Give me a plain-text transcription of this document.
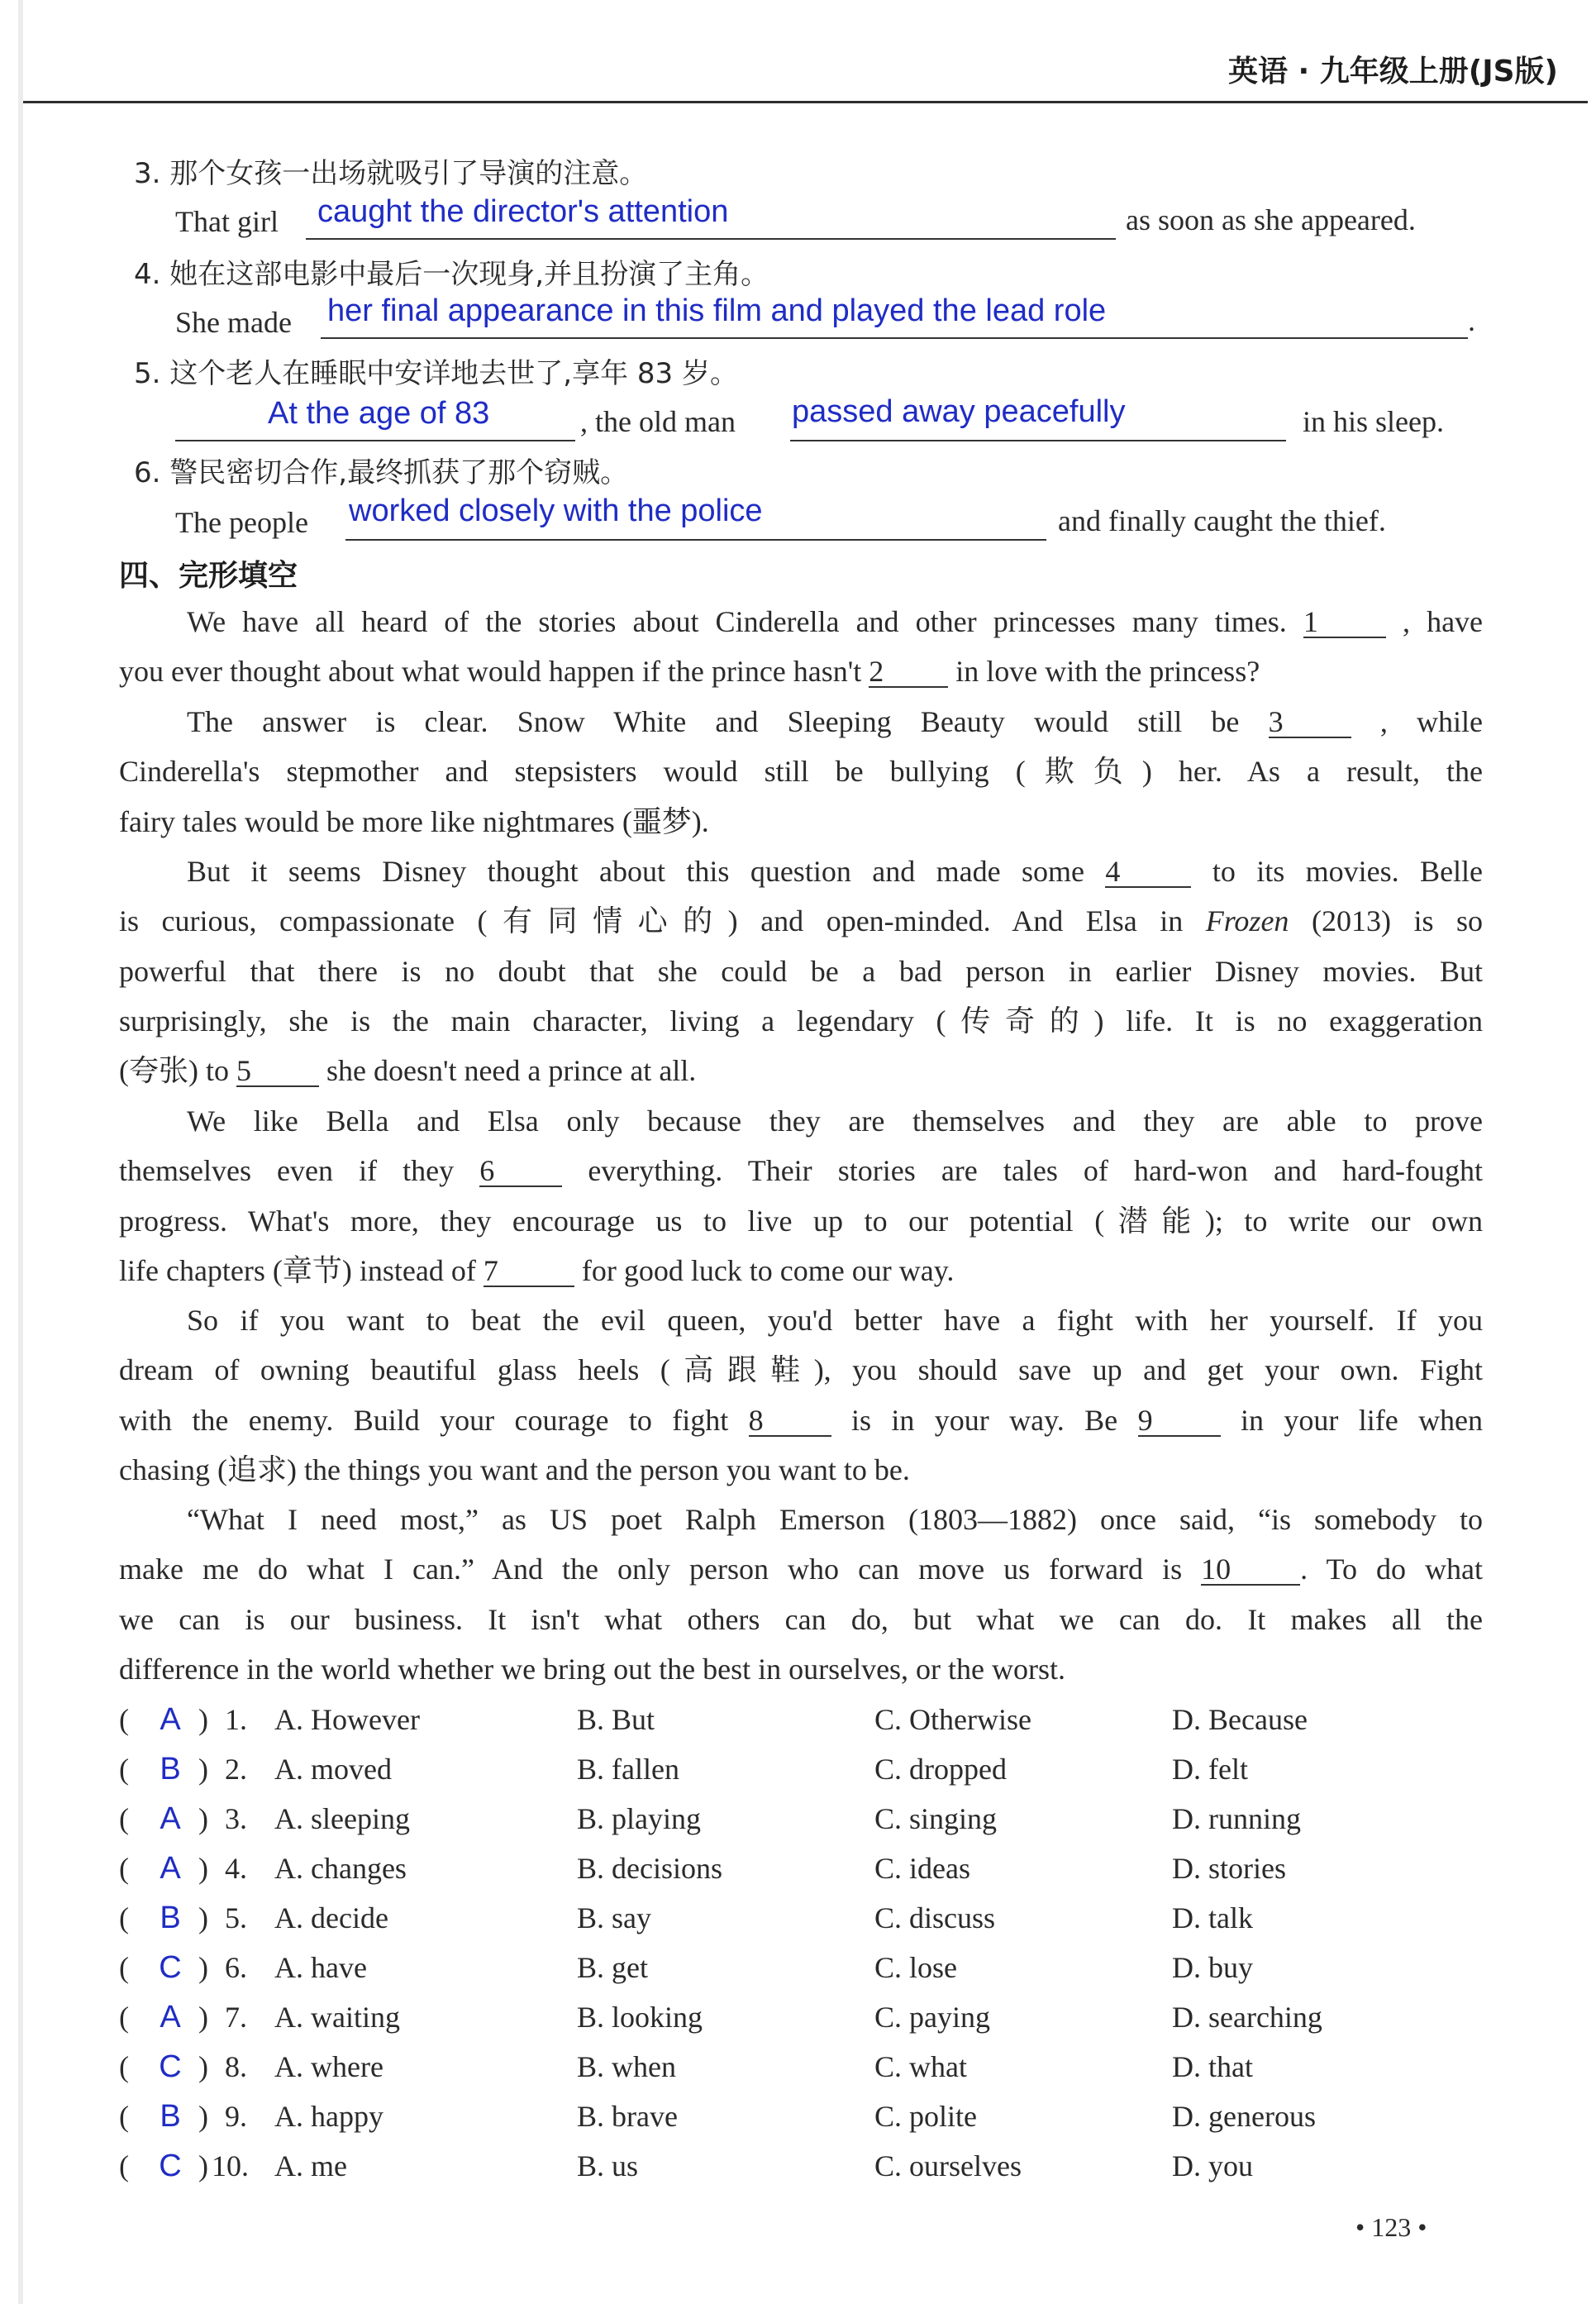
英语 · 九年级上册(JS版)
3. 那个女孩一出场就吸引了导演的注意。
That girl caught the director's attention	as soon as she appeared.
4. 她在这部电影中最后一次现身,并且扮演了主角。
She made her final appearance in this film and played the lead role	.
5. 这个老人在睡眠中安详地去世了,享年 83 岁。
At the age of 83	, the old man passed away peacefully	in his sleep.
6. 警民密切合作,最终抓获了那个窃贼。
The people worked closely with the police	and finally caught the thief.
四、完形填空
We have all heard of the stories about Cinderella and other princesses many times. 1	, have
you ever thought about what would happen if the prince hasn't 2 in love with the princess?
The answer is clear. Snow White and Sleeping Beauty would still be 3	, while
Cinderella's stepmother and stepsisters would still be bullying (欺负) her. As a result, the
fairy tales would be more like nightmares (噩梦).
But it seems Disney thought about this question and made some 4	to its movies. Belle
is curious, compassionate (有同情心的) and open-minded. And Elsa in Frozen (2013) is so
powerful that there is no doubt that she could be a bad person in earlier Disney movies. But
surprisingly, she is the main character, living a legendary (传奇的) life. It is no exaggeration
(夸张) to 5	she doesn't need a prince at all.
We like Bella and Elsa only because they are themselves and they are able to prove
themselves even if they 6	everything. Their stories are tales of hard-won and hard-fought
progress. What's more, they encourage us to live up to our potential (潜能); to write our own
life chapters (章节) instead of 7	for good luck to come our way.
So if you want to beat the evil queen, you'd better have a fight with her yourself. If you
dream of owning beautiful glass heels (高跟鞋), you should save up and get your own. Fight
with the enemy. Build your courage to fight 8	is in your way. Be 9	in your life when
chasing (追求) the things you want and the person you want to be.
“What I need most,” as US poet Ralph Emerson (1803—1882) once said, “is somebody to
make me do what I can.” And the only person who can move us forward is 10 . To do what
we can is our business. It isn't what others can do, but what we can do. It makes all the
difference in the world whether we bring out the best in ourselves, or the worst.
( A ) 1. A. However	B. But	C. Otherwise	D. Because
( B ) 2. A. moved	B. fallen	C. dropped	D. felt
( A ) 3. A. sleeping	B. playing	C. singing	D. running
( A ) 4. A. changes	B. decisions	C. ideas	D. stories
( B ) 5. A. decide	B. say	C. discuss	D. talk
( C ) 6. A. have	B. get	C. lose	D. buy
( A ) 7. A. waiting	B. looking	C. paying	D. searching
( C ) 8. A. where	B. when	C. what	D. that
( B ) 9. A. happy	B. brave	C. polite	D. generous
( C ) 10. A. me	B. us	C. ourselves	D. you
• 123 •
